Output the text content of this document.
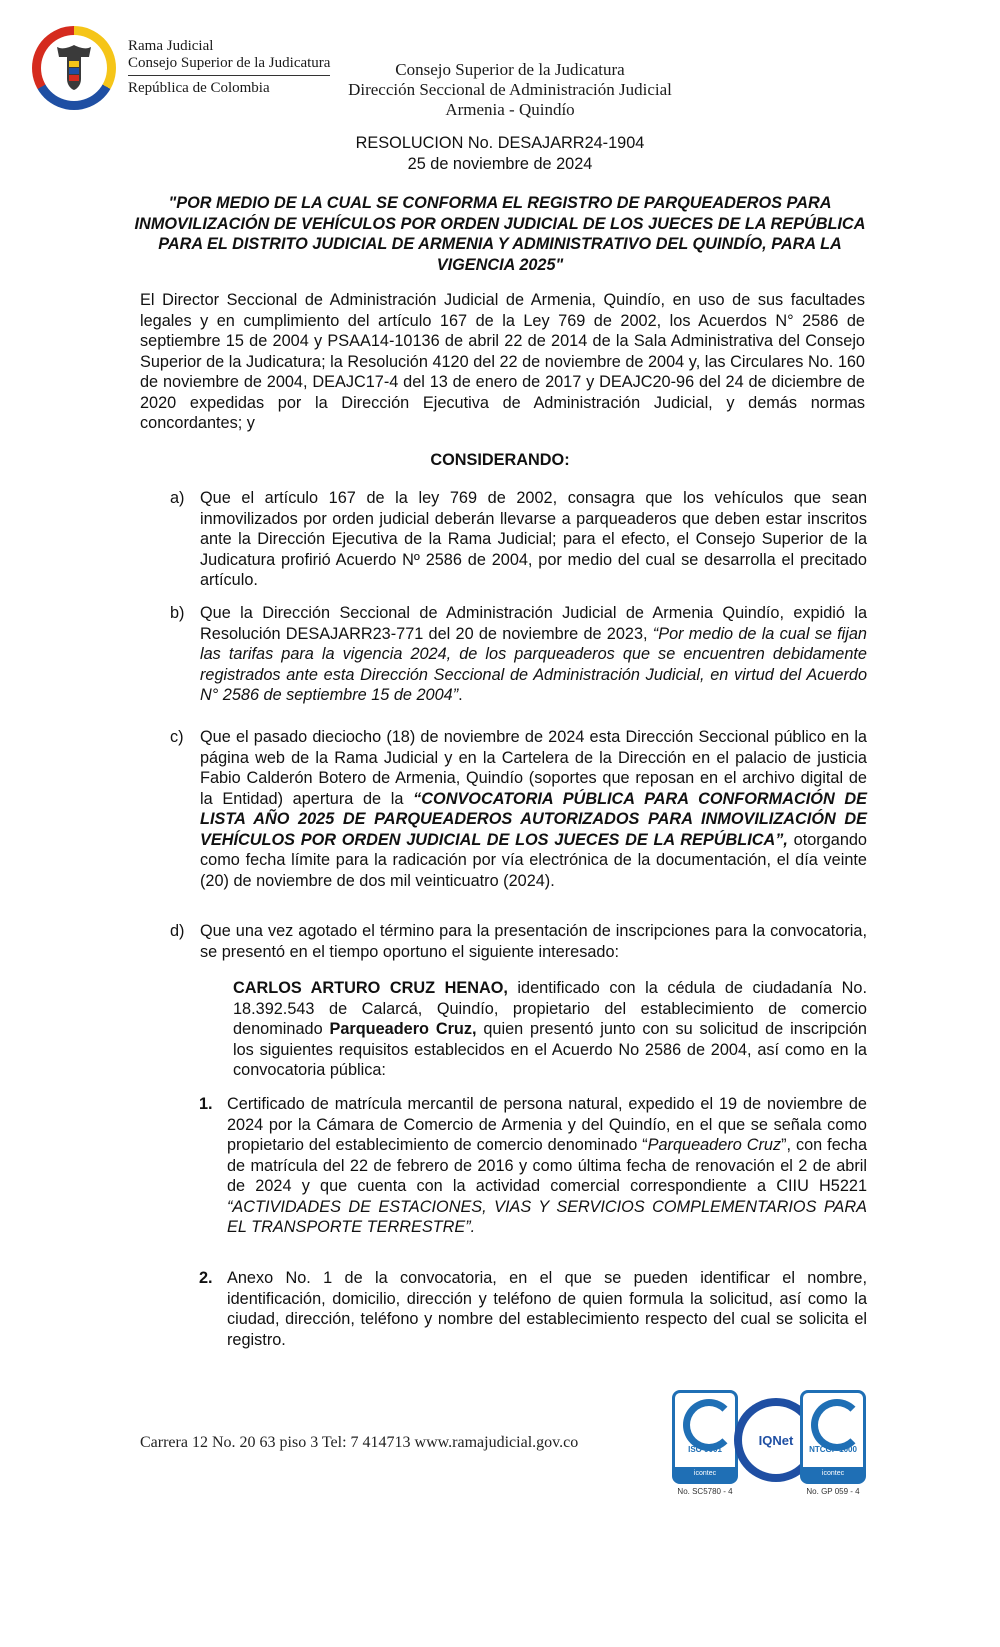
Rama Judicial
Consejo Superior de la Judicatura
República de Colombia
Consejo Superior de la Judicatura
Dirección Seccional de Administración Judicial
Armenia - Quindío
RESOLUCION No. DESAJARR24-1904
25 de noviembre de 2024
"POR MEDIO DE LA CUAL SE CONFORMA EL REGISTRO DE PARQUEADEROS PARA INMOVILIZACIÓN DE VEHÍCULOS POR ORDEN JUDICIAL DE LOS JUECES DE LA REPÚBLICA PARA EL DISTRITO JUDICIAL DE ARMENIA Y ADMINISTRATIVO DEL QUINDÍO, PARA LA VIGENCIA 2025"
El Director Seccional de Administración Judicial de Armenia, Quindío, en uso de sus facultades legales y en cumplimiento del artículo 167 de la Ley 769 de 2002, los Acuerdos N° 2586 de septiembre 15 de 2004 y PSAA14-10136 de abril 22 de 2014 de la Sala Administrativa del Consejo Superior de la Judicatura; la Resolución 4120 del 22 de noviembre de 2004 y, las Circulares No. 160 de noviembre de 2004, DEAJC17-4 del 13 de enero de 2017 y DEAJC20-96 del 24 de diciembre de 2020 expedidas por la Dirección Ejecutiva de Administración Judicial, y demás normas concordantes; y
CONSIDERANDO:
a) Que el artículo 167 de la ley 769 de 2002, consagra que los vehículos que sean inmovilizados por orden judicial deberán llevarse a parqueaderos que deben estar inscritos ante la Dirección Ejecutiva de la Rama Judicial; para el efecto, el Consejo Superior de la Judicatura profirió Acuerdo Nº 2586 de 2004, por medio del cual se desarrolla el precitado artículo.
b) Que la Dirección Seccional de Administración Judicial de Armenia Quindío, expidió la Resolución DESAJARR23-771 del 20 de noviembre de 2023, “Por medio de la cual se fijan las tarifas para la vigencia 2024, de los parqueaderos que se encuentren debidamente registrados ante esta Dirección Seccional de Administración Judicial, en virtud del Acuerdo N° 2586 de septiembre 15 de 2004”.
c) Que el pasado dieciocho (18) de noviembre de 2024 esta Dirección Seccional público en la página web de la Rama Judicial y en la Cartelera de la Dirección en el palacio de justicia Fabio Calderón Botero de Armenia, Quindío (soportes que reposan en el archivo digital de la Entidad) apertura de la “CONVOCATORIA PÚBLICA PARA CONFORMACIÓN DE LISTA AÑO 2025 DE PARQUEADEROS AUTORIZADOS PARA INMOVILIZACIÓN DE VEHÍCULOS POR ORDEN JUDICIAL DE LOS JUECES DE LA REPÚBLICA”, otorgando como fecha límite para la radicación por vía electrónica de la documentación, el día veinte (20) de noviembre de dos mil veinticuatro (2024).
d) Que una vez agotado el término para la presentación de inscripciones para la convocatoria, se presentó en el tiempo oportuno el siguiente interesado:
CARLOS ARTURO CRUZ HENAO, identificado con la cédula de ciudadanía No. 18.392.543 de Calarcá, Quindío, propietario del establecimiento de comercio denominado Parqueadero Cruz, quien presentó junto con su solicitud de inscripción los siguientes requisitos establecidos en el Acuerdo No 2586 de 2004, así como en la convocatoria pública:
1. Certificado de matrícula mercantil de persona natural, expedido el 19 de noviembre de 2024 por la Cámara de Comercio de Armenia y del Quindío, en el que se señala como propietario del establecimiento de comercio denominado “Parqueadero Cruz”, con fecha de matrícula del 22 de febrero de 2016 y como última fecha de renovación el 2 de abril de 2024 y que cuenta con la actividad comercial correspondiente a CIIU H5221 “ACTIVIDADES DE ESTACIONES, VIAS Y SERVICIOS COMPLEMENTARIOS PARA EL TRANSPORTE TERRESTRE”.
2. Anexo No. 1 de la convocatoria, en el que se pueden identificar el nombre, identificación, domicilio, dirección y teléfono de quien formula la solicitud, así como la ciudad, dirección, teléfono y nombre del establecimiento respecto del cual se solicita el registro.
Carrera 12 No. 20 63 piso 3 Tel: 7 414713 www.ramajudicial.gov.co	ISO 9001
icontec
No. SC5780 - 4
IQNet
NTCGP 1000
icontec
No. GP 059 - 4
